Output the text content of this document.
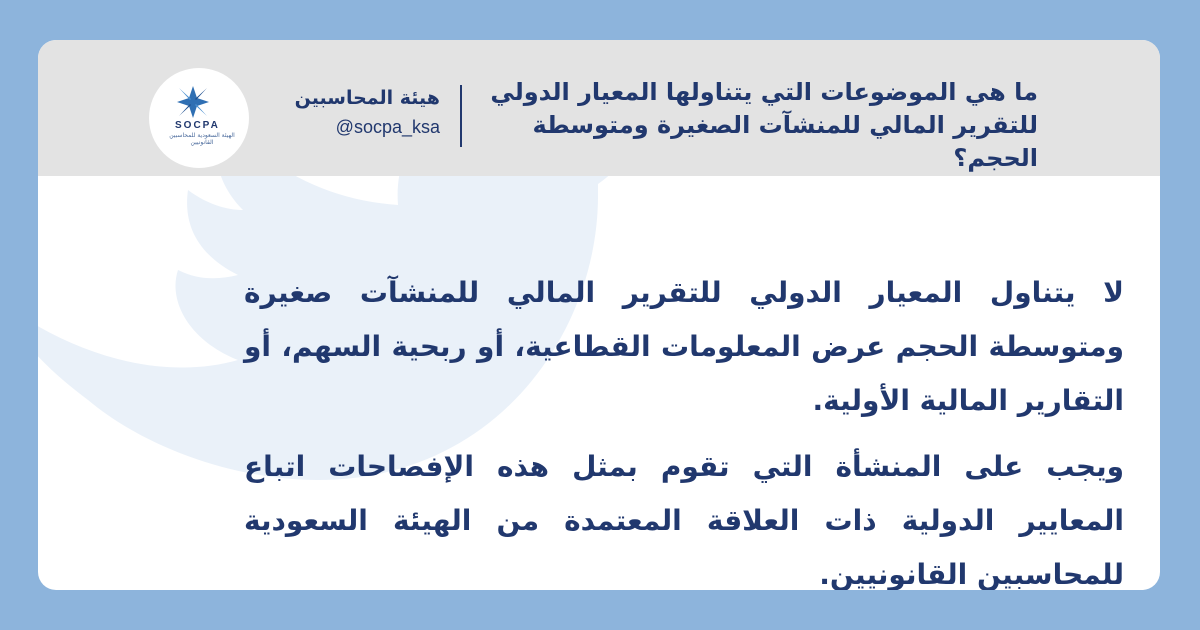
ما هي الموضوعات التي يتناولها المعيار الدولي للتقرير المالي للمنشآت الصغيرة ومتوسطة الحجم؟
هيئة المحاسبين
@socpa_ksa
SOCPA
الهيئة السعودية للمحاسبين القانونيين

لا يتناول المعيار الدولي للتقرير المالي للمنشآت صغيرة ومتوسطة الحجم عرض المعلومات القطاعية، أو ربحية السهم، أو التقارير المالية الأولية.

ويجب على المنشأة التي تقوم بمثل هذه الإفصاحات اتباع المعايير الدولية ذات العلاقة المعتمدة من الهيئة السعودية للمحاسبين القانونيين.
